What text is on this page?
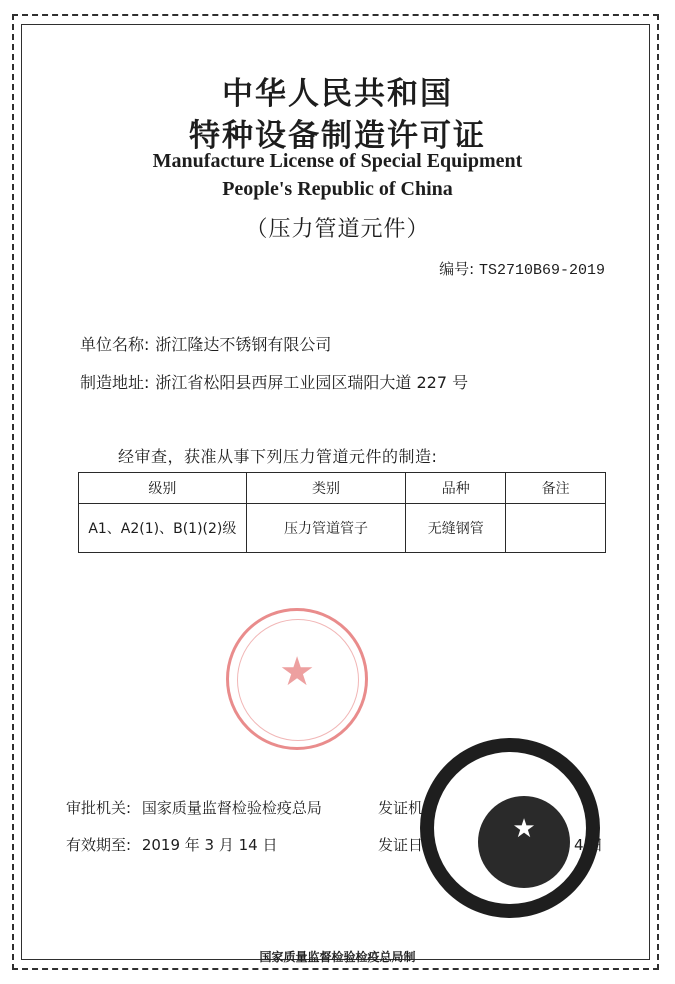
中华人民共和国
特种设备制造许可证
Manufacture License of Special Equipment
People's Republic of China
（压力管道元件）
编号: TS2710B69-2019
单位名称: 浙江隆达不锈钢有限公司
制造地址: 浙江省松阳县西屏工业园区瑞阳大道 227 号
经审查，获准从事下列压力管道元件的制造:
级别	类别	品种	备注
A1、A2(1)、B(1)(2)级	压力管道管子	无缝钢管	
★
★
审批机关: 国家质量监督检验检疫总局	发证机
有效期至: 2019 年 3 月 14 日	发证日	4 日
国家质量监督检验检疫总局制
